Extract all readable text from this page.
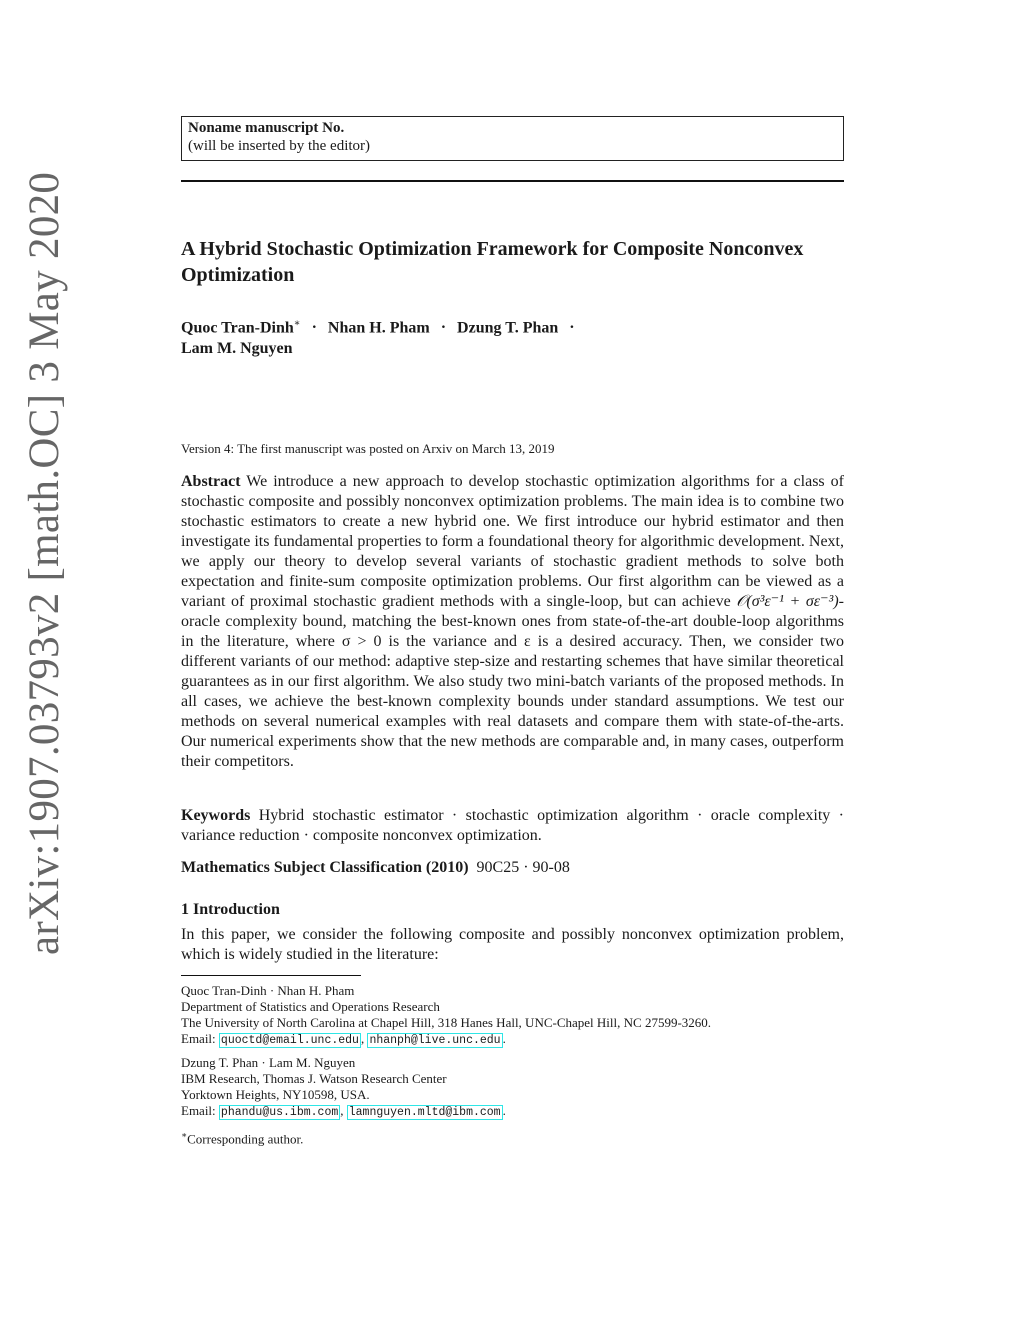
arXiv:1907.03793v2 [math.OC] 3 May 2020
Noname manuscript No.
(will be inserted by the editor)
A Hybrid Stochastic Optimization Framework for Composite Nonconvex Optimization
Quoc Tran-Dinh∗ · Nhan H. Pham · Dzung T. Phan · Lam M. Nguyen
Version 4: The first manuscript was posted on Arxiv on March 13, 2019
Abstract We introduce a new approach to develop stochastic optimization algorithms for a class of stochastic composite and possibly nonconvex optimization problems. The main idea is to combine two stochastic estimators to create a new hybrid one. We first introduce our hybrid estimator and then investigate its fundamental properties to form a foundational theory for algorithmic development. Next, we apply our theory to develop several variants of stochastic gradient methods to solve both expectation and finite-sum composite optimization problems. Our first algorithm can be viewed as a variant of proximal stochastic gradient methods with a single-loop, but can achieve 𝒪(σ³ε⁻¹ + σε⁻³)-oracle complexity bound, matching the best-known ones from state-of-the-art double-loop algorithms in the literature, where σ > 0 is the variance and ε is a desired accuracy. Then, we consider two different variants of our method: adaptive step-size and restarting schemes that have similar theoretical guarantees as in our first algorithm. We also study two mini-batch variants of the proposed methods. In all cases, we achieve the best-known complexity bounds under standard assumptions. We test our methods on several numerical examples with real datasets and compare them with state-of-the-arts. Our numerical experiments show that the new methods are comparable and, in many cases, outperform their competitors.
Keywords Hybrid stochastic estimator · stochastic optimization algorithm · oracle complexity · variance reduction · composite nonconvex optimization.
Mathematics Subject Classification (2010) 90C25 · 90-08
1 Introduction
In this paper, we consider the following composite and possibly nonconvex optimization problem, which is widely studied in the literature:
Quoc Tran-Dinh · Nhan H. Pham
Department of Statistics and Operations Research
The University of North Carolina at Chapel Hill, 318 Hanes Hall, UNC-Chapel Hill, NC 27599-3260.
Email: quoctd@email.unc.edu , nhanph@live.unc.edu .
Dzung T. Phan · Lam M. Nguyen
IBM Research, Thomas J. Watson Research Center
Yorktown Heights, NY10598, USA.
Email: phandu@us.ibm.com , lamnguyen.mltd@ibm.com .
∗Corresponding author.
